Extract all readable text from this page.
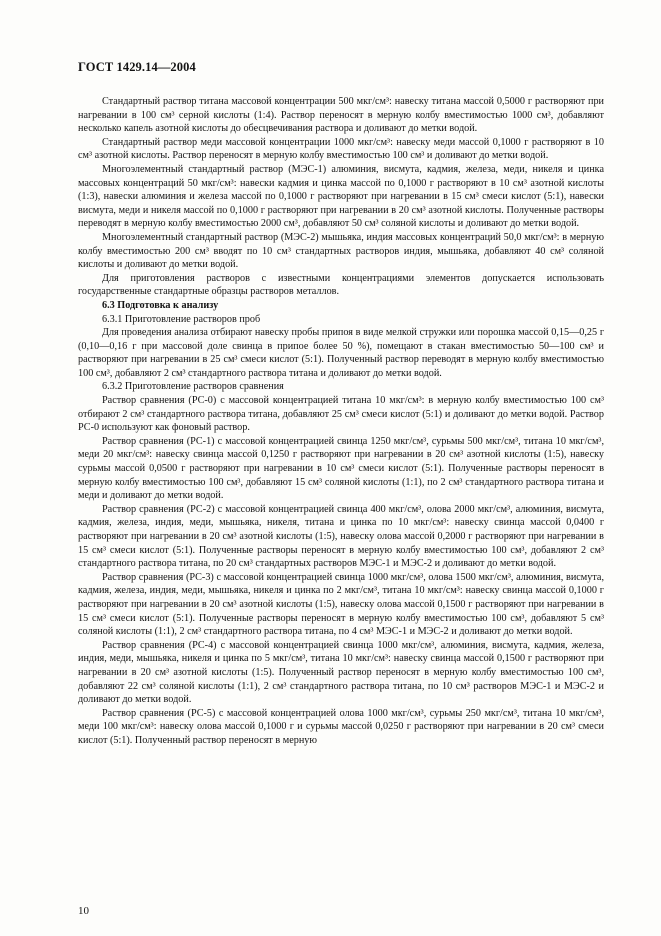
ГОСТ 1429.14—2004

Стандартный раствор титана массовой концентрации 500 мкг/см³: навеску титана массой 0,5000 г растворяют при нагревании в 100 см³ серной кислоты (1:4). Раствор переносят в мерную колбу вместимостью 1000 см³, добавляют несколько капель азотной кислоты до обесцвечивания раствора и доливают до метки водой.

Стандартный раствор меди массовой концентрации 1000 мкг/см³: навеску меди массой 0,1000 г растворяют в 10 см³ азотной кислоты. Раствор переносят в мерную колбу вместимостью 100 см³ и доливают до метки водой.

Многоэлементный стандартный раствор (МЭС-1) алюминия, висмута, кадмия, железа, меди, никеля и цинка массовых концентраций 50 мкг/см³: навески кадмия и цинка массой по 0,1000 г растворяют в 10 см³ азотной кислоты (1:3), навески алюминия и железа массой по 0,1000 г растворяют при нагревании в 15 см³ смеси кислот (5:1), навески висмута, меди и никеля массой по 0,1000 г растворяют при нагревании в 20 см³ азотной кислоты. Полученные растворы переводят в мерную колбу вместимостью 2000 см³, добавляют 50 см³ соляной кислоты и доливают до метки водой.

Многоэлементный стандартный раствор (МЭС-2) мышьяка, индия массовых концентраций 50,0 мкг/см³: в мерную колбу вместимостью 200 см³ вводят по 10 см³ стандартных растворов индия, мышьяка, добавляют 40 см³ соляной кислоты и доливают до метки водой.

Для приготовления растворов с известными концентрациями элементов допускается использовать государственные стандартные образцы растворов металлов.

6.3 Подготовка к анализу

6.3.1 Приготовление растворов проб

Для проведения анализа отбирают навеску пробы припоя в виде мелкой стружки или порошка массой 0,15—0,25 г (0,10—0,16 г при массовой доле свинца в припое более 50 %), помещают в стакан вместимостью 50—100 см³ и растворяют при нагревании в 25 см³ смеси кислот (5:1). Полученный раствор переводят в мерную колбу вместимостью 100 см³, добавляют 2 см³ стандартного раствора титана и доливают до метки водой.

6.3.2 Приготовление растворов сравнения

Раствор сравнения (РС-0) с массовой концентрацией титана 10 мкг/см³: в мерную колбу вместимостью 100 см³ отбирают 2 см³ стандартного раствора титана, добавляют 25 см³ смеси кислот (5:1) и доливают до метки водой. Раствор РС-0 используют как фоновый раствор.

Раствор сравнения (РС-1) с массовой концентрацией свинца 1250 мкг/см³, сурьмы 500 мкг/см³, титана 10 мкг/см³, меди 20 мкг/см³: навеску свинца массой 0,1250 г растворяют при нагревании в 20 см³ азотной кислоты (1:5), навеску сурьмы массой 0,0500 г растворяют при нагревании в 10 см³ смеси кислот (5:1). Полученные растворы переносят в мерную колбу вместимостью 100 см³, добавляют 15 см³ соляной кислоты (1:1), по 2 см³ стандартного раствора титана и меди и доливают до метки водой.

Раствор сравнения (РС-2) с массовой концентрацией свинца 400 мкг/см³, олова 2000 мкг/см³, алюминия, висмута, кадмия, железа, индия, меди, мышьяка, никеля, титана и цинка по 10 мкг/см³: навеску свинца массой 0,0400 г растворяют при нагревании в 20 см³ азотной кислоты (1:5), навеску олова массой 0,2000 г растворяют при нагревании в 15 см³ смеси кислот (5:1). Полученные растворы переносят в мерную колбу вместимостью 100 см³, добавляют 2 см³ стандартного раствора титана, по 20 см³ стандартных растворов МЭС-1 и МЭС-2 и доливают до метки водой.

Раствор сравнения (РС-3) с массовой концентрацией свинца 1000 мкг/см³, олова 1500 мкг/см³, алюминия, висмута, кадмия, железа, индия, меди, мышьяка, никеля и цинка по 2 мкг/см³, титана 10 мкг/см³: навеску свинца массой 0,1000 г растворяют при нагревании в 20 см³ азотной кислоты (1:5), навеску олова массой 0,1500 г растворяют при нагревании в 15 см³ смеси кислот (5:1). Полученные растворы переносят в мерную колбу вместимостью 100 см³, добавляют 5 см³ соляной кислоты (1:1), 2 см³ стандартного раствора титана, по 4 см³ МЭС-1 и МЭС-2 и доливают до метки водой.

Раствор сравнения (РС-4) с массовой концентрацией свинца 1000 мкг/см³, алюминия, висмута, кадмия, железа, индия, меди, мышьяка, никеля и цинка по 5 мкг/см³, титана 10 мкг/см³: навеску свинца массой 0,1500 г растворяют при нагревании в 20 см³ азотной кислоты (1:5). Полученный раствор переносят в мерную колбу вместимостью 100 см³, добавляют 22 см³ соляной кислоты (1:1), 2 см³ стандартного раствора титана, по 10 см³ растворов МЭС-1 и МЭС-2 и доливают до метки водой.

Раствор сравнения (РС-5) с массовой концентрацией олова 1000 мкг/см³, сурьмы 250 мкг/см³, титана 10 мкг/см³, меди 100 мкг/см³: навеску олова массой 0,1000 г и сурьмы массой 0,0250 г растворяют при нагревании в 20 см³ смеси кислот (5:1). Полученный раствор переносят в мерную

10
